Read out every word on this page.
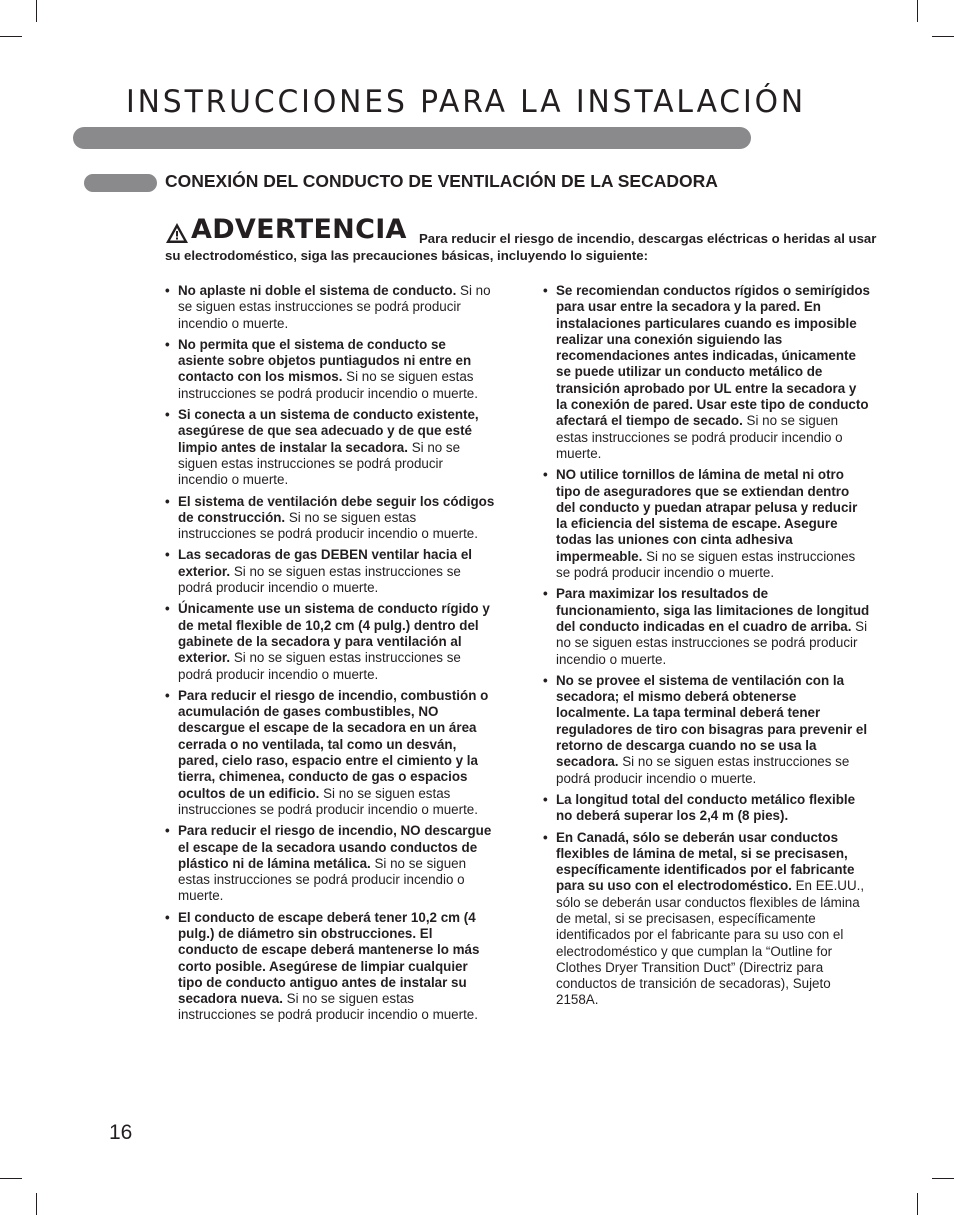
INSTRUCCIONES PARA LA INSTALACIÓN
CONEXIÓN DEL CONDUCTO DE VENTILACIÓN DE LA SECADORA
ADVERTENCIA Para reducir el riesgo de incendio, descargas eléctricas o heridas al usar su electrodoméstico, siga las precauciones básicas, incluyendo lo siguiente:

• No aplaste ni doble el sistema de conducto. Si no se siguen estas instrucciones se podrá producir incendio o muerte.
• No permita que el sistema de conducto se asiente sobre objetos puntiagudos ni entre en contacto con los mismos. Si no se siguen estas instrucciones se podrá producir incendio o muerte.
• Si conecta a un sistema de conducto existente, asegúrese de que sea adecuado y de que esté limpio antes de instalar la secadora. Si no se siguen estas instrucciones se podrá producir incendio o muerte.
• El sistema de ventilación debe seguir los códigos de construcción. Si no se siguen estas instrucciones se podrá producir incendio o muerte.
• Las secadoras de gas DEBEN ventilar hacia el exterior. Si no se siguen estas instrucciones se podrá producir incendio o muerte.
• Únicamente use un sistema de conducto rígido y de metal flexible de 10,2 cm (4 pulg.) dentro del gabinete de la secadora y para ventilación al exterior. Si no se siguen estas instrucciones se podrá producir incendio o muerte.
• Para reducir el riesgo de incendio, combustión o acumulación de gases combustibles, NO descargue el escape de la secadora en un área cerrada o no ventilada, tal como un desván, pared, cielo raso, espacio entre el cimiento y la tierra, chimenea, conducto de gas o espacios ocultos de un edificio. Si no se siguen estas instrucciones se podrá producir incendio o muerte.
• Para reducir el riesgo de incendio, NO descargue el escape de la secadora usando conductos de plástico ni de lámina metálica. Si no se siguen estas instrucciones se podrá producir incendio o muerte.
• El conducto de escape deberá tener 10,2 cm (4 pulg.) de diámetro sin obstrucciones. El conducto de escape deberá mantenerse lo más corto posible. Asegúrese de limpiar cualquier tipo de conducto antiguo antes de instalar su secadora nueva. Si no se siguen estas instrucciones se podrá producir incendio o muerte.
• Se recomiendan conductos rígidos o semirígidos para usar entre la secadora y la pared. En instalaciones particulares cuando es imposible realizar una conexión siguiendo las recomendaciones antes indicadas, únicamente se puede utilizar un conducto metálico de transición aprobado por UL entre la secadora y la conexión de pared. Usar este tipo de conducto afectará el tiempo de secado. Si no se siguen estas instrucciones se podrá producir incendio o muerte.
• NO utilice tornillos de lámina de metal ni otro tipo de aseguradores que se extiendan dentro del conducto y puedan atrapar pelusa y reducir la eficiencia del sistema de escape. Asegure todas las uniones con cinta adhesiva impermeable. Si no se siguen estas instrucciones se podrá producir incendio o muerte.
• Para maximizar los resultados de funcionamiento, siga las limitaciones de longitud del conducto indicadas en el cuadro de arriba. Si no se siguen estas instrucciones se podrá producir incendio o muerte.
• No se provee el sistema de ventilación con la secadora; el mismo deberá obtenerse localmente. La tapa terminal deberá tener reguladores de tiro con bisagras para prevenir el retorno de descarga cuando no se usa la secadora. Si no se siguen estas instrucciones se podrá producir incendio o muerte.
• La longitud total del conducto metálico flexible no deberá superar los 2,4 m (8 pies).
• En Canadá, sólo se deberán usar conductos flexibles de lámina de metal, si se precisasen, específicamente identificados por el fabricante para su uso con el electrodoméstico. En EE.UU., sólo se deberán usar conductos flexibles de lámina de metal, si se precisasen, específicamente identificados por el fabricante para su uso con el electrodoméstico y que cumplan la “Outline for Clothes Dryer Transition Duct” (Directriz para conductos de transición de secadoras), Sujeto 2158A.
16
